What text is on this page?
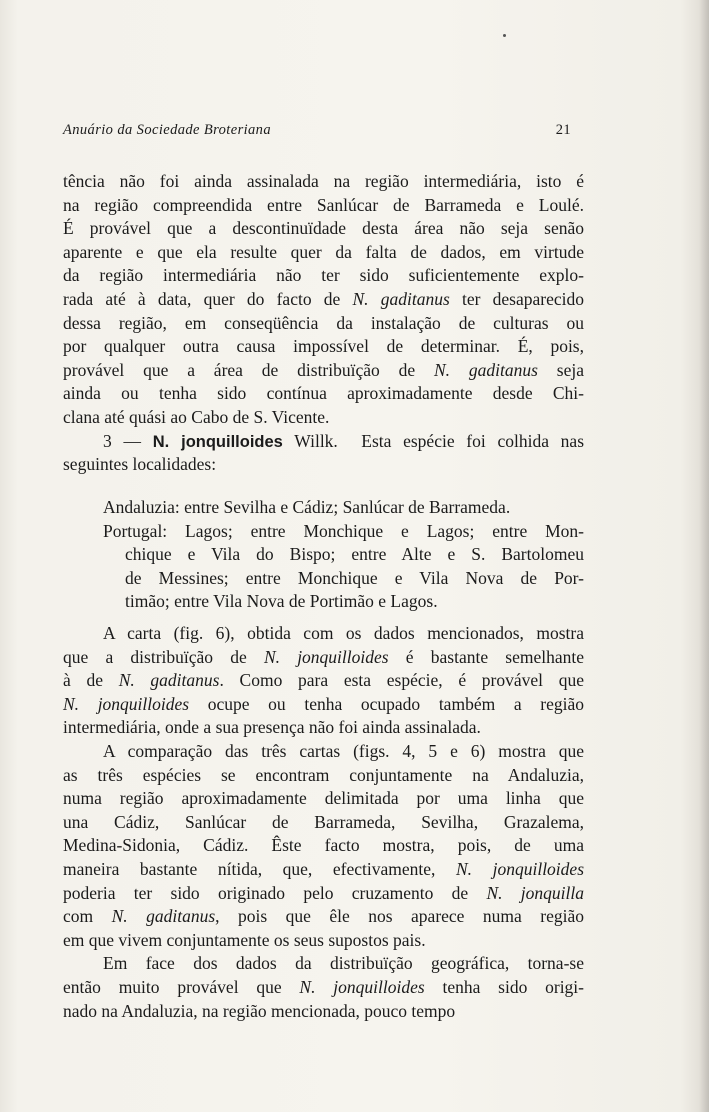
Anuário da Sociedade Broteriana	21
tência não foi ainda assinalada na região intermediária, isto é
na região compreendida entre Sanlúcar de Barrameda e Loulé.
É provável que a descontinuïdade desta área não seja senão
aparente e que ela resulte quer da falta de dados, em virtude
da região intermediária não ter sido suficientemente explo-
rada até à data, quer do facto de N. gaditanus ter desaparecido
dessa região, em conseqüência da instalação de culturas ou
por qualquer outra causa impossível de determinar. É, pois,
provável que a área de distribuïção de N. gaditanus seja
ainda ou tenha sido contínua aproximadamente desde Chi-
clana até quási ao Cabo de S. Vicente.
3 — N. jonquilloides Willk. Esta espécie foi colhida nas
seguintes localidades:
Andaluzia: entre Sevilha e Cádiz; Sanlúcar de Barrameda.
Portugal: Lagos; entre Monchique e Lagos; entre Mon-
chique e Vila do Bispo; entre Alte e S. Bartolomeu
de Messines; entre Monchique e Vila Nova de Por-
timão; entre Vila Nova de Portimão e Lagos.
A carta (fig. 6), obtida com os dados mencionados, mostra
que a distribuïção de N. jonquilloides é bastante semelhante
à de N. gaditanus. Como para esta espécie, é provável que
N. jonquilloides ocupe ou tenha ocupado também a região
intermediária, onde a sua presença não foi ainda assinalada.
A comparação das três cartas (figs. 4, 5 e 6) mostra que
as três espécies se encontram conjuntamente na Andaluzia,
numa região aproximadamente delimitada por uma linha que
una Cádiz, Sanlúcar de Barrameda, Sevilha, Grazalema,
Medina-Sidonia, Cádiz. Êste facto mostra, pois, de uma
maneira bastante nítida, que, efectivamente, N. jonquilloides
poderia ter sido originado pelo cruzamento de N. jonquilla
com N. gaditanus, pois que êle nos aparece numa região
em que vivem conjuntamente os seus supostos pais.
Em face dos dados da distribuïção geográfica, torna-se
então muito provável que N. jonquilloides tenha sido origi-
nado na Andaluzia, na região mencionada, pouco tempo
